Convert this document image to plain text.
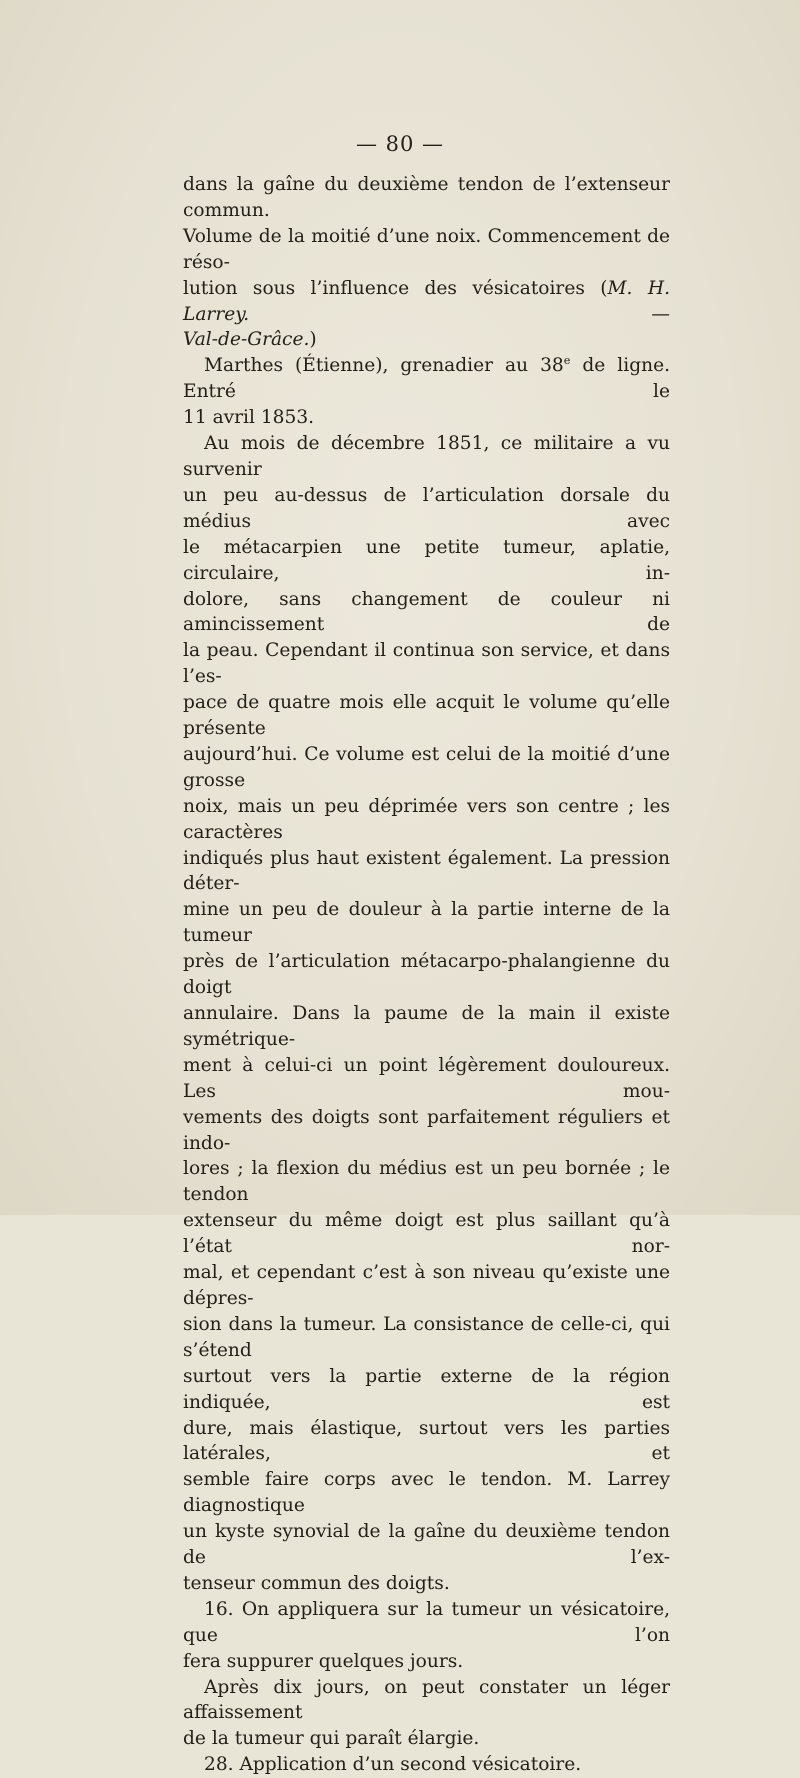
— 80 —
dans la gaîne du deuxième tendon de l’extenseur commun.
Volume de la moitié d’une noix. Commencement de réso-
lution sous l’influence des vésicatoires (M. H. Larrey. —
Val-de-Grâce.)
Marthes (Étienne), grenadier au 38e de ligne. Entré le
11 avril 1853.
Au mois de décembre 1851, ce militaire a vu survenir
un peu au-dessus de l’articulation dorsale du médius avec
le métacarpien une petite tumeur, aplatie, circulaire, in-
dolore, sans changement de couleur ni amincissement de
la peau. Cependant il continua son service, et dans l’es-
pace de quatre mois elle acquit le volume qu’elle présente
aujourd’hui. Ce volume est celui de la moitié d’une grosse
noix, mais un peu déprimée vers son centre ; les caractères
indiqués plus haut existent également. La pression déter-
mine un peu de douleur à la partie interne de la tumeur
près de l’articulation métacarpo-phalangienne du doigt
annulaire. Dans la paume de la main il existe symétrique-
ment à celui-ci un point légèrement douloureux. Les mou-
vements des doigts sont parfaitement réguliers et indo-
lores ; la flexion du médius est un peu bornée ; le tendon
extenseur du même doigt est plus saillant qu’à l’état nor-
mal, et cependant c’est à son niveau qu’existe une dépres-
sion dans la tumeur. La consistance de celle-ci, qui s’étend
surtout vers la partie externe de la région indiquée, est
dure, mais élastique, surtout vers les parties latérales, et
semble faire corps avec le tendon. M. Larrey diagnostique
un kyste synovial de la gaîne du deuxième tendon de l’ex-
tenseur commun des doigts.
16. On appliquera sur la tumeur un vésicatoire, que l’on
fera suppurer quelques jours.
Après dix jours, on peut constater un léger affaissement
de la tumeur qui paraît élargie.
28. Application d’un second vésicatoire.
